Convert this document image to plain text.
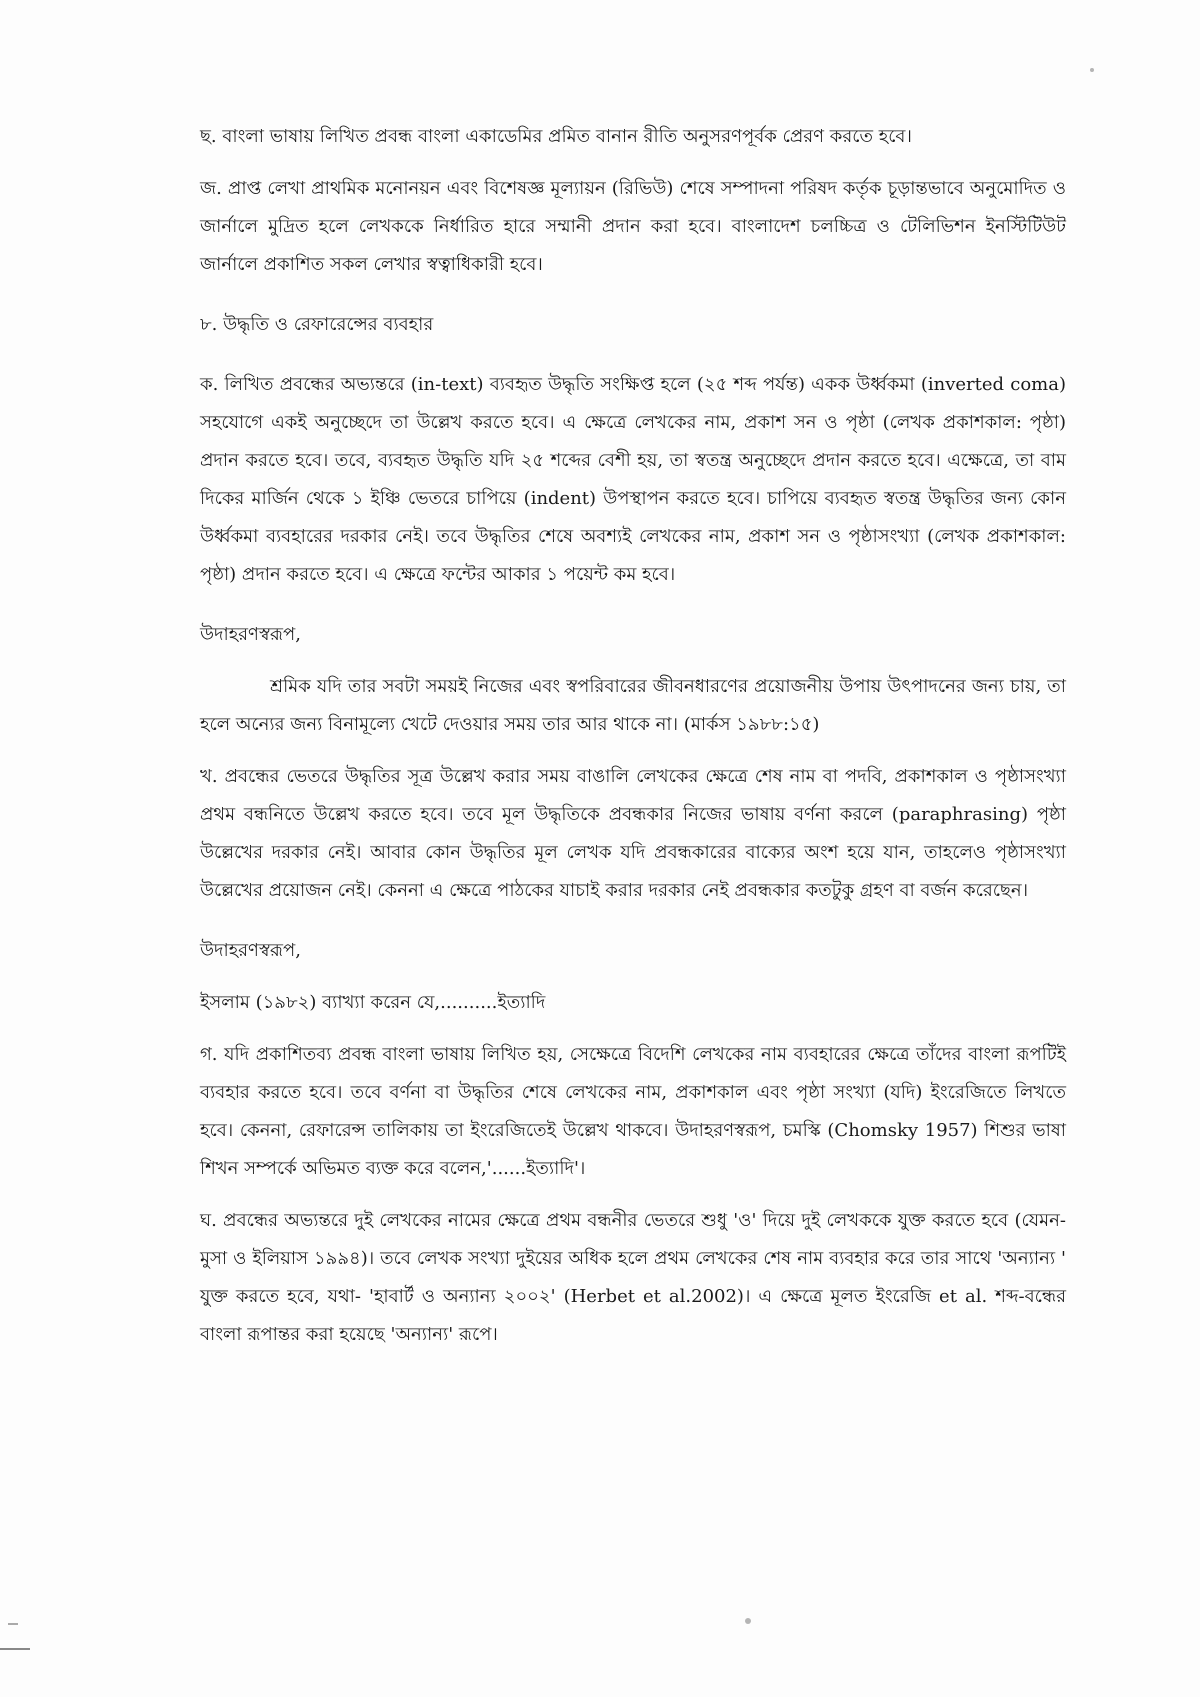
ছ. বাংলা ভাষায় লিখিত প্রবন্ধ বাংলা একাডেমির প্রমিত বানান রীতি অনুসরণপূর্বক প্রেরণ করতে হবে।

জ. প্রাপ্ত লেখা প্রাথমিক মনোনয়ন এবং বিশেষজ্ঞ মূল্যায়ন (রিভিউ) শেষে সম্পাদনা পরিষদ কর্তৃক চূড়ান্তভাবে অনুমোদিত ও জার্নালে মুদ্রিত হলে লেখককে নির্ধারিত হারে সম্মানী প্রদান করা হবে। বাংলাদেশ চলচ্চিত্র ও টেলিভিশন ইনস্টিটিউট জার্নালে প্রকাশিত সকল লেখার স্বত্বাধিকারী হবে।

৮. উদ্ধৃতি ও রেফারেন্সের ব্যবহার

ক. লিখিত প্রবন্ধের অভ্যন্তরে (in-text) ব্যবহৃত উদ্ধৃতি সংক্ষিপ্ত হলে (২৫ শব্দ পর্যন্ত) একক উর্ধ্বকমা (inverted coma) সহযোগে একই অনুচ্ছেদে তা উল্লেখ করতে হবে। এ ক্ষেত্রে লেখকের নাম, প্রকাশ সন ও পৃষ্ঠা (লেখক প্রকাশকাল: পৃষ্ঠা) প্রদান করতে হবে। তবে, ব্যবহৃত উদ্ধৃতি যদি ২৫ শব্দের বেশী হয়, তা স্বতন্ত্র অনুচ্ছেদে প্রদান করতে হবে। এক্ষেত্রে, তা বাম দিকের মার্জিন থেকে ১ ইঞ্চি ভেতরে চাপিয়ে (indent) উপস্থাপন করতে হবে। চাপিয়ে ব্যবহৃত স্বতন্ত্র উদ্ধৃতির জন্য কোন উর্ধ্বকমা ব্যবহারের দরকার নেই। তবে উদ্ধৃতির শেষে অবশ্যই লেখকের নাম, প্রকাশ সন ও পৃষ্ঠাসংখ্যা (লেখক প্রকাশকাল: পৃষ্ঠা) প্রদান করতে হবে। এ ক্ষেত্রে ফন্টের আকার ১ পয়েন্ট কম হবে।

উদাহরণস্বরূপ,

শ্রমিক যদি তার সবটা সময়ই নিজের এবং স্বপরিবারের জীবনধারণের প্রয়োজনীয় উপায় উৎপাদনের জন্য চায়, তা হলে অন্যের জন্য বিনামূল্যে খেটে দেওয়ার সময় তার আর থাকে না। (মার্কস ১৯৮৮:১৫)

খ. প্রবন্ধের ভেতরে উদ্ধৃতির সূত্র উল্লেখ করার সময় বাঙালি লেখকের ক্ষেত্রে শেষ নাম বা পদবি, প্রকাশকাল ও পৃষ্ঠাসংখ্যা প্রথম বন্ধনিতে উল্লেখ করতে হবে। তবে মূল উদ্ধৃতিকে প্রবন্ধকার নিজের ভাষায় বর্ণনা করলে (paraphrasing) পৃষ্ঠা উল্লেখের দরকার নেই। আবার কোন উদ্ধৃতির মূল লেখক যদি প্রবন্ধকারের বাক্যের অংশ হয়ে যান, তাহলেও পৃষ্ঠাসংখ্যা উল্লেখের প্রয়োজন নেই। কেননা এ ক্ষেত্রে পাঠকের যাচাই করার দরকার নেই প্রবন্ধকার কতটুকু গ্রহণ বা বর্জন করেছেন।

উদাহরণস্বরূপ,

ইসলাম (১৯৮২) ব্যাখ্যা করেন যে,..........ইত্যাদি

গ. যদি প্রকাশিতব্য প্রবন্ধ বাংলা ভাষায় লিখিত হয়, সেক্ষেত্রে বিদেশি লেখকের নাম ব্যবহারের ক্ষেত্রে তাঁদের বাংলা রূপটিই ব্যবহার করতে হবে। তবে বর্ণনা বা উদ্ধৃতির শেষে লেখকের নাম, প্রকাশকাল এবং পৃষ্ঠা সংখ্যা (যদি) ইংরেজিতে লিখতে হবে। কেননা, রেফারেন্স তালিকায় তা ইংরেজিতেই উল্লেখ থাকবে। উদাহরণস্বরূপ, চমস্কি (Chomsky 1957) শিশুর ভাষা শিখন সম্পর্কে অভিমত ব্যক্ত করে বলেন,'......ইত্যাদি'।

ঘ. প্রবন্ধের অভ্যন্তরে দুই লেখকের নামের ক্ষেত্রে প্রথম বন্ধনীর ভেতরে শুধু 'ও' দিয়ে দুই লেখককে যুক্ত করতে হবে (যেমন-মুসা ও ইলিয়াস ১৯৯৪)। তবে লেখক সংখ্যা দুইয়ের অধিক হলে প্রথম লেখকের শেষ নাম ব্যবহার করে তার সাথে 'অন্যান্য ' যুক্ত করতে হবে, যথা- 'হাবার্ট ও অন্যান্য ২০০২' (Herbet et al.2002)। এ ক্ষেত্রে মূলত ইংরেজি et al. শব্দ-বন্ধের বাংলা রূপান্তর করা হয়েছে 'অন্যান্য' রূপে।
